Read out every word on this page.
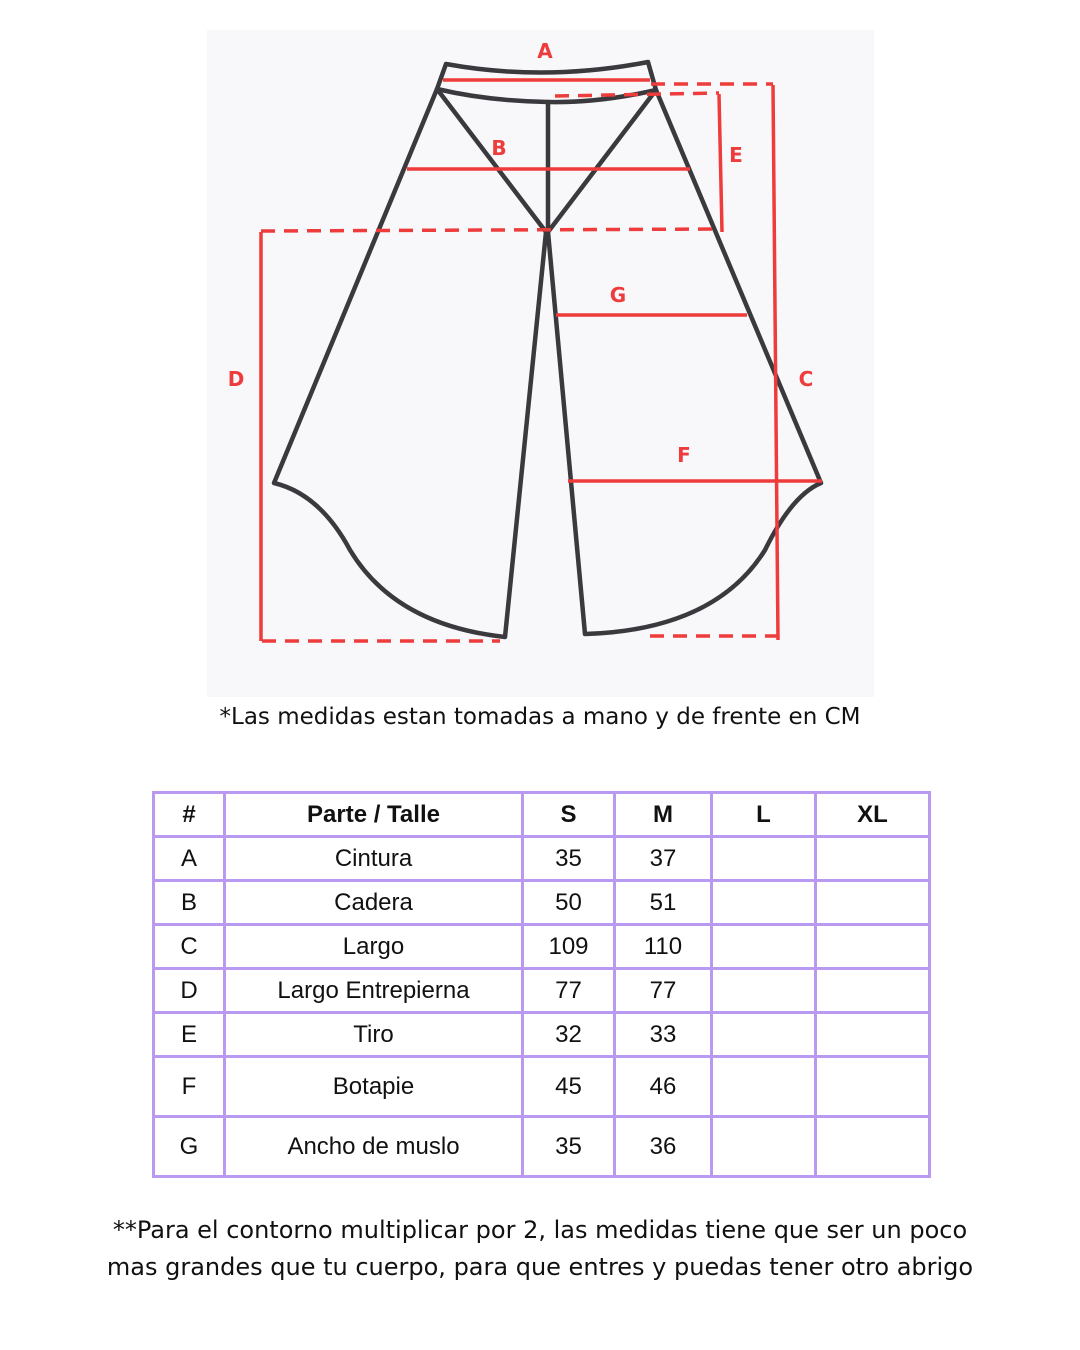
A
B	E
G
D	C
F
*Las medidas estan tomadas a mano y de frente en CM
#	Parte / Talle	S	M	L	XL
A	Cintura	35	37		
B	Cadera	50	51		
C	Largo	109	110		
D	Largo Entrepierna	77	77		
E	Tiro	32	33		
F	Botapie	45	46		
G	Ancho de muslo	35	36		
**Para el contorno multiplicar por 2, las medidas tiene que ser un poco
mas grandes que tu cuerpo, para que entres y puedas tener otro abrigo
